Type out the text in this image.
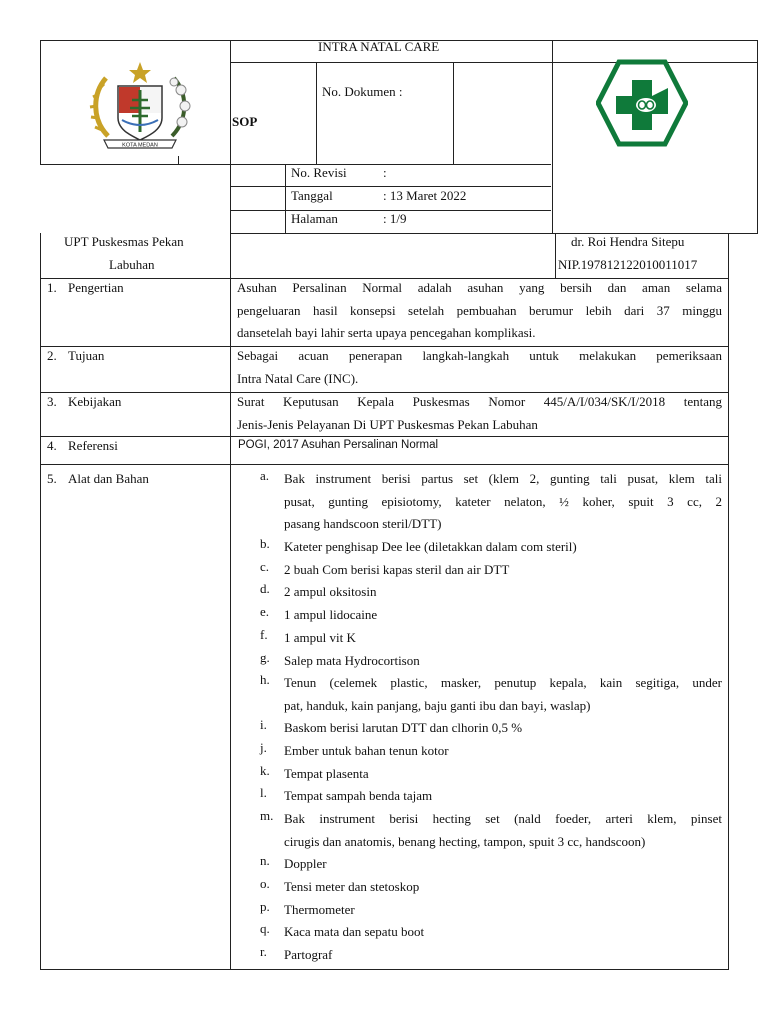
KOTA MEDAN
INTRA NATAL CARE
SOP
No. Dokumen :
No. Revisi	:
Tanggal	: 13 Maret 2022
Halaman	: 1/9
UPT Puskesmas Pekan
Labuhan
dr. Roi Hendra Sitepu
NIP.197812122010011017
1. Pengertian	Asuhan Persalinan Normal adalah asuhan yang bersih dan aman selama
pengeluaran hasil konsepsi setelah pembuahan berumur lebih dari 37 minggu
dansetelah bayi lahir serta upaya pencegahan komplikasi.
2. Tujuan	Sebagai acuan penerapan langkah-langkah untuk melakukan pemeriksaan
Intra Natal Care (INC).
3. Kebijakan	Surat Keputusan Kepala Puskesmas Nomor 445/A/I/034/SK/I/2018 tentang
Jenis-Jenis Pelayanan Di UPT Puskesmas Pekan Labuhan
4. Referensi	POGI, 2017 Asuhan Persalinan Normal
5. Alat dan Bahan	a. Bak instrument berisi partus set (klem 2, gunting tali pusat, klem tali
pusat, gunting episiotomy, kateter nelaton, ½ koher, spuit 3 cc, 2
pasang handscoon steril/DTT)
b. Kateter penghisap Dee lee (diletakkan dalam com steril)
c. 2 buah Com berisi kapas steril dan air DTT
d. 2 ampul oksitosin
e. 1 ampul lidocaine
f. 1 ampul vit K
g. Salep mata Hydrocortison
h. Tenun (celemek plastic, masker, penutup kepala, kain segitiga, under
pat, handuk, kain panjang, baju ganti ibu dan bayi, waslap)
i. Baskom berisi larutan DTT dan clhorin 0,5 %
j. Ember untuk bahan tenun kotor
k. Tempat plasenta
l. Tempat sampah benda tajam
m. Bak instrument berisi hecting set (nald foeder, arteri klem, pinset
cirugis dan anatomis, benang hecting, tampon, spuit 3 cc, handscoon)
n. Doppler
o. Tensi meter dan stetoskop
p. Thermometer
q. Kaca mata dan sepatu boot
r. Partograf
